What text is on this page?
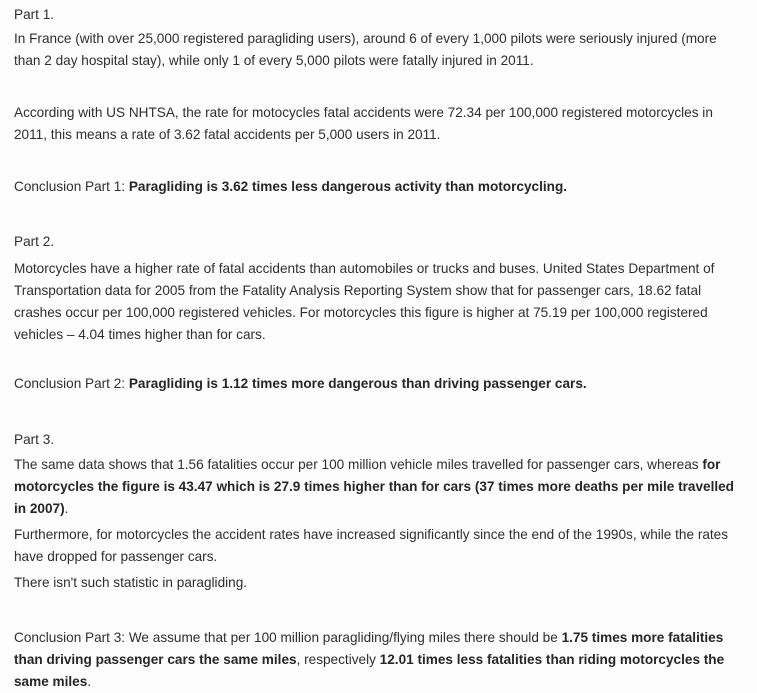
Part 1.

In France (with over 25,000 registered paragliding users), around 6 of every 1,000 pilots were seriously injured (more than 2 day hospital stay), while only 1 of every 5,000 pilots were fatally injured in 2011.

According with US NHTSA, the rate for motocycles fatal accidents were 72.34 per 100,000 registered motorcycles in 2011, this means a rate of 3.62 fatal accidents per 5,000 users in 2011.

Conclusion Part 1: Paragliding is 3.62 times less dangerous activity than motorcycling.

Part 2.

Motorcycles have a higher rate of fatal accidents than automobiles or trucks and buses. United States Department of Transportation data for 2005 from the Fatality Analysis Reporting System show that for passenger cars, 18.62 fatal crashes occur per 100,000 registered vehicles. For motorcycles this figure is higher at 75.19 per 100,000 registered vehicles – 4.04 times higher than for cars.

Conclusion Part 2: Paragliding is 1.12 times more dangerous than driving passenger cars.

Part 3.

The same data shows that 1.56 fatalities occur per 100 million vehicle miles travelled for passenger cars, whereas for motorcycles the figure is 43.47 which is 27.9 times higher than for cars (37 times more deaths per mile travelled in 2007).

Furthermore, for motorcycles the accident rates have increased significantly since the end of the 1990s, while the rates have dropped for passenger cars.

There isn't such statistic in paragliding.

Conclusion Part 3: We assume that per 100 million paragliding/flying miles there should be 1.75 times more fatalities than driving passenger cars the same miles, respectively 12.01 times less fatalities than riding motorcycles the same miles.
